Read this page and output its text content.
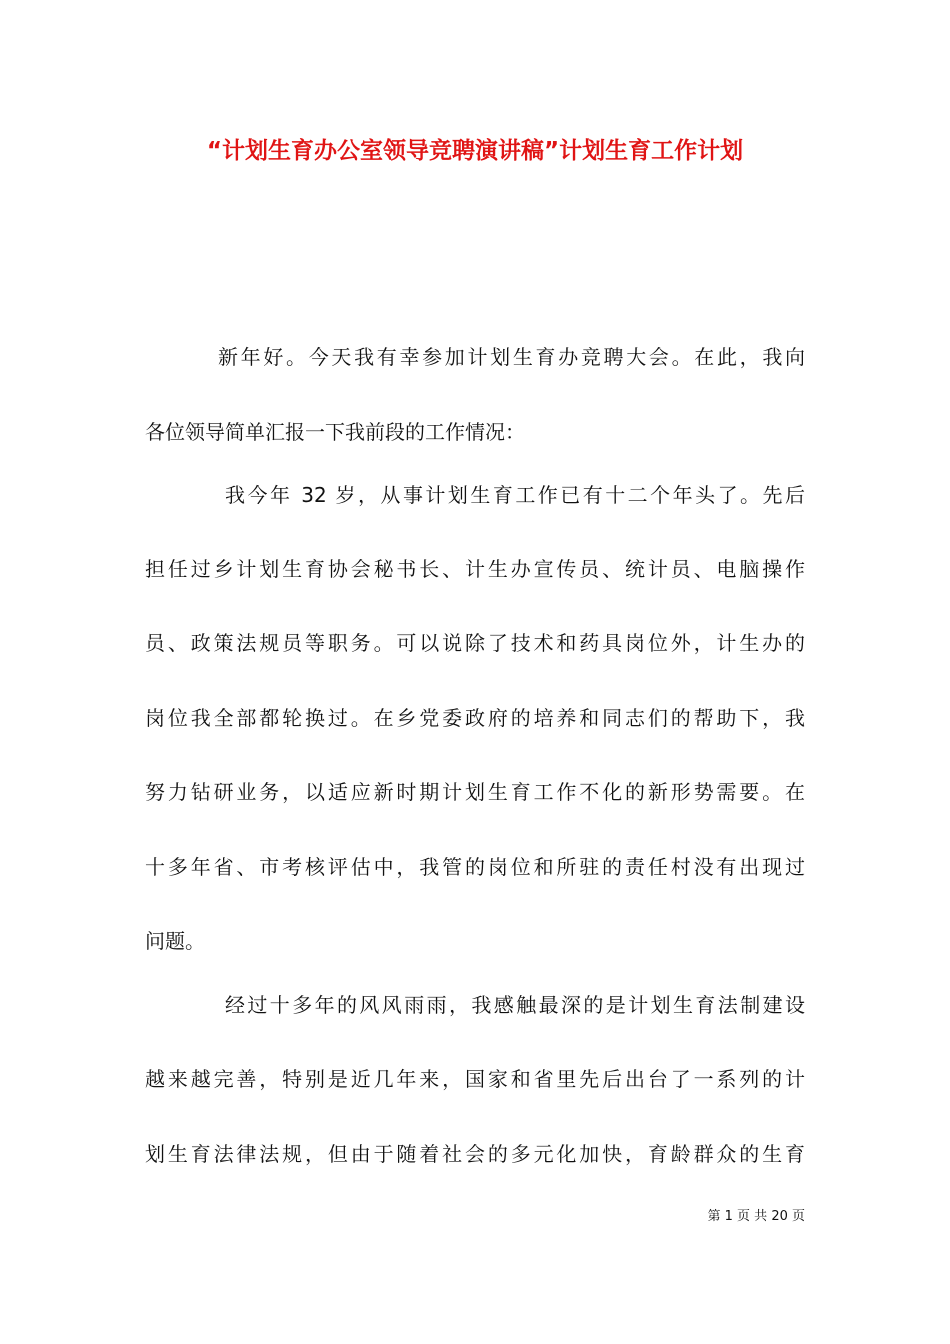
“计划生育办公室领导竞聘演讲稿”计划生育工作计划
新年好。今天我有幸参加计划生育办竞聘大会。在此，我向
各位领导简单汇报一下我前段的工作情况：
我今年 32 岁，从事计划生育工作已有十二个年头了。先后
担任过乡计划生育协会秘书长、计生办宣传员、统计员、电脑操作
员、政策法规员等职务。可以说除了技术和药具岗位外，计生办的
岗位我全部都轮换过。在乡党委政府的培养和同志们的帮助下，我
努力钻研业务，以适应新时期计划生育工作不化的新形势需要。在
十多年省、市考核评估中，我管的岗位和所驻的责任村没有出现过
问题。
经过十多年的风风雨雨，我感触最深的是计划生育法制建设
越来越完善，特别是近几年来，国家和省里先后出台了一系列的计
划生育法律法规，但由于随着社会的多元化加快，育龄群众的生育
第 1 页 共 20 页
